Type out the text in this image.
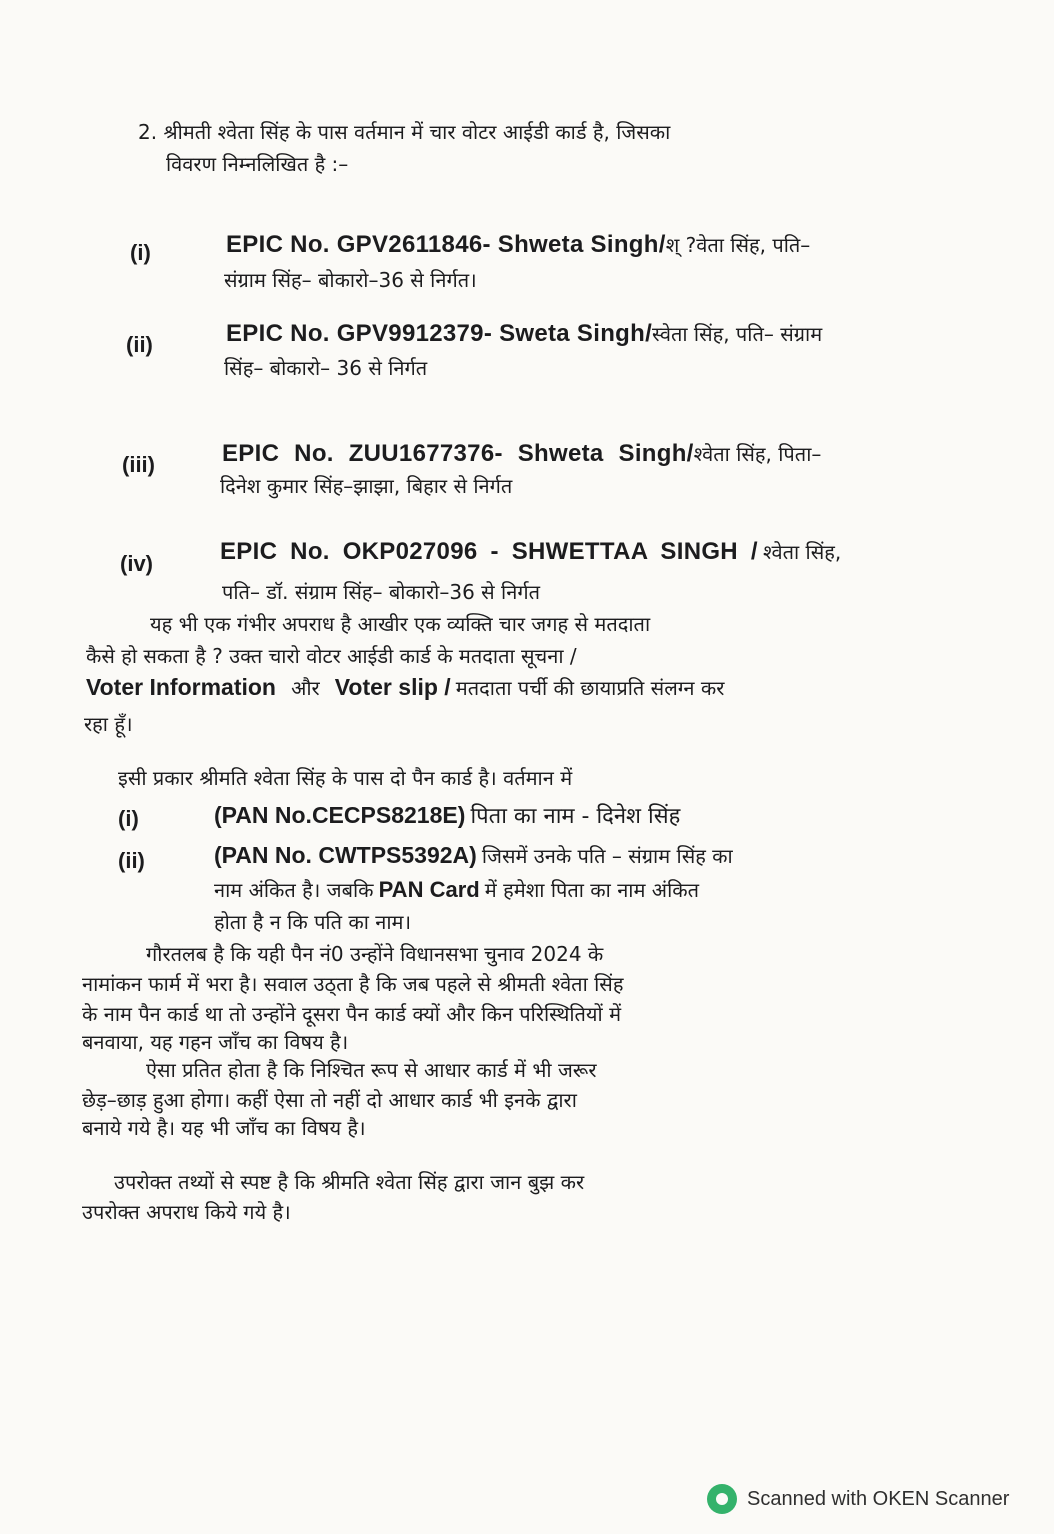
2. श्रीमती श्वेता सिंह के पास वर्तमान में चार वोटर आईडी कार्ड है, जिसका
विवरण निम्नलिखित है :–
(i)	EPIC No. GPV2611846- Shweta Singh/श् ?वेता सिंह, पति–
संग्राम सिंह– बोकारो–36 से निर्गत।
(ii)	EPIC No. GPV9912379- Sweta Singh/स्वेता सिंह, पति– संग्राम
सिंह– बोकारो– 36 से निर्गत
(iii)	EPIC No. ZUU1677376- Shweta Singh/श्वेता सिंह, पिता–
दिनेश कुमार सिंह–झाझा, बिहार से निर्गत
(iv)	EPIC No. OKP027096 - SHWETTAA SINGH / श्वेता सिंह,
पति– डॉ. संग्राम सिंह– बोकारो–36 से निर्गत
यह भी एक गंभीर अपराध है आखीर एक व्यक्ति चार जगह से मतदाता
कैसे हो सकता है ? उक्त चारो वोटर आईडी कार्ड के मतदाता सूचना /
Voter Information और Voter slip / मतदाता पर्ची की छायाप्रति संलग्न कर
रहा हूँ।
इसी प्रकार श्रीमति श्वेता सिंह के पास दो पैन कार्ड है। वर्तमान में
(i)	(PAN No.CECPS8218E) पिता का नाम - दिनेश सिंह
(ii)	(PAN No. CWTPS5392A) जिसमें उनके पति – संग्राम सिंह का
नाम अंकित है। जबकि PAN Card में हमेशा पिता का नाम अंकित
होता है न कि पति का नाम।
गौरतलब है कि यही पैन नं0 उन्होंने विधानसभा चुनाव 2024 के
नामांकन फार्म में भरा है। सवाल उठ्ता है कि जब पहले से श्रीमती श्वेता सिंह
के नाम पैन कार्ड था तो उन्होंने दूसरा पैन कार्ड क्यों और किन परिस्थितियों में
बनवाया, यह गहन जाँच का विषय है।
ऐसा प्रतित होता है कि निश्चित रूप से आधार कार्ड में भी जरूर
छेड़–छाड़ हुआ होगा। कहीं ऐसा तो नहीं दो आधार कार्ड भी इनके द्वारा
बनाये गये है। यह भी जाँच का विषय है।
उपरोक्त तथ्यों से स्पष्ट है कि श्रीमति श्वेता सिंह द्वारा जान बुझ कर
उपरोक्त अपराध किये गये है।
Scanned with OKEN Scanner
